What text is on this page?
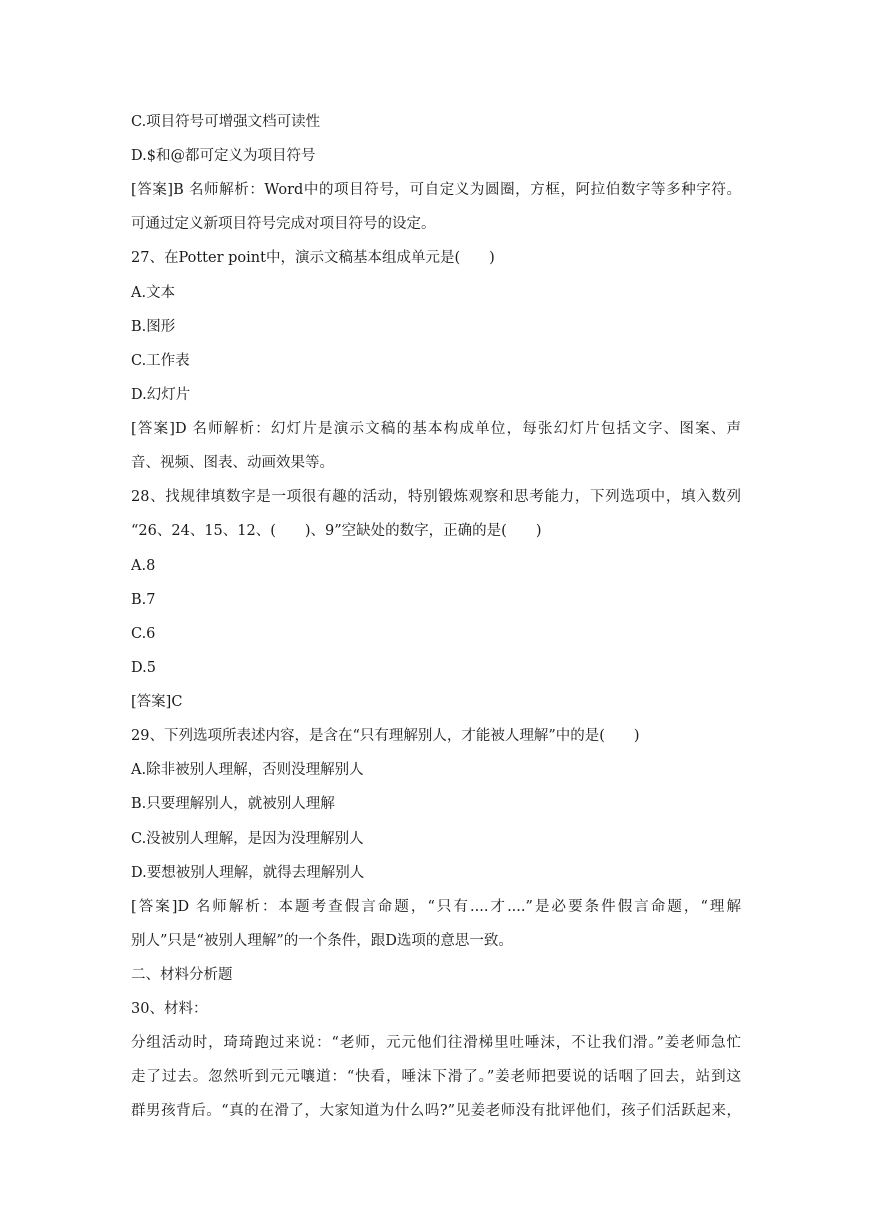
C.项目符号可增强文档可读性
D.$和@都可定义为项目符号
[答案]B 名师解析：Word中的项目符号，可自定义为圆圈，方框，阿拉伯数字等多种字符。
可通过定义新项目符号完成对项目符号的设定。
27、在Potter point中，演示文稿基本组成单元是(　　)
A.文本
B.图形
C.工作表
D.幻灯片
[答案]D 名师解析：幻灯片是演示文稿的基本构成单位，每张幻灯片包括文字、图案、声
音、视频、图表、动画效果等。
28、找规律填数字是一项很有趣的活动，特别锻炼观察和思考能力，下列选项中，填入数列
“26、24、15、12、(　　)、9”空缺处的数字，正确的是(　　)
A.8
B.7
C.6
D.5
[答案]C
29、下列选项所表述内容，是含在“只有理解别人，才能被人理解”中的是(　　)
A.除非被别人理解，否则没理解别人
B.只要理解别人，就被别人理解
C.没被别人理解，是因为没理解别人
D.要想被别人理解，就得去理解别人
[答案]D 名师解析：本题考查假言命题，“只有....才....”是必要条件假言命题，“理解
别人”只是“被别人理解”的一个条件，跟D选项的意思一致。
二、材料分析题
30、材料：
分组活动时，琦琦跑过来说：“老师，元元他们往滑梯里吐唾沫，不让我们滑。”姜老师急忙
走了过去。忽然听到元元嚷道：“快看，唾沫下滑了。”姜老师把要说的话咽了回去，站到这
群男孩背后。“真的在滑了，大家知道为什么吗?”见姜老师没有批评他们，孩子们活跃起来，
